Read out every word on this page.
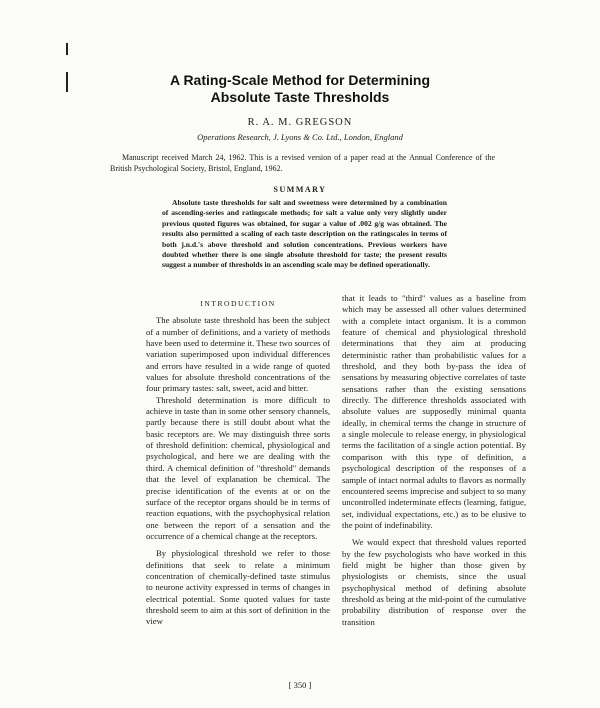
A Rating-Scale Method for Determining
Absolute Taste Thresholds
R. A. M. GREGSON
Operations Research, J. Lyons & Co. Ltd., London, England
Manuscript received March 24, 1962. This is a revised version of a paper read at the Annual Conference of the British Psychological Society, Bristol, England, 1962.
SUMMARY
Absolute taste thresholds for salt and sweetness were determined by a combination of ascending-series and ratingscale methods; for salt a value only very slightly under previous quoted figures was obtained, for sugar a value of .002 g/g was obtained. The results also permitted a scaling of each taste description on the ratingscales in terms of both j.n.d.'s above threshold and solution concentrations. Previous workers have doubted whether there is one single absolute threshold for taste; the present results suggest a number of thresholds in an ascending scale may be defined operationally.
INTRODUCTION

The absolute taste threshold has been the subject of a number of definitions, and a variety of methods have been used to determine it. These two sources of variation superimposed upon individual differences and errors have resulted in a wide range of quoted values for absolute threshold concentrations of the four primary tastes: salt, sweet, acid and bitter.

Threshold determination is more difficult to achieve in taste than in some other sensory channels, partly because there is still doubt about what the basic receptors are. We may distinguish three sorts of threshold definition: chemical, physiological and psychological, and here we are dealing with the third. A chemical definition of "threshold" demands that the level of explanation be chemical. The precise identification of the events at or on the surface of the receptor organs should be in terms of reaction equations, with the psychophysical relation one between the report of a sensation and the occurrence of a chemical change at the receptors.

By physiological threshold we refer to those definitions that seek to relate a minimum concentration of chemically-defined taste stimulus to neurone activity expressed in terms of changes in electrical potential. Some quoted values for taste threshold seem to aim at this sort of definition in the view

that it leads to "third" values as a baseline from which may be assessed all other values determined with a complete intact organism. It is a common feature of chemical and physiological threshold determinations that they aim at producing deterministic rather than probabilistic values for a threshold, and they both by-pass the idea of sensations by measuring objective correlates of taste sensations rather than the existing sensations directly. The difference thresholds associated with absolute values are supposedly minimal quanta ideally, in chemical terms the change in structure of a single molecule to release energy, in physiological terms the facilitation of a single action potential. By comparison with this type of definition, a psychological description of the responses of a sample of intact normal adults to flavors as normally encountered seems imprecise and subject to so many uncontrolled indeterminate effects (learning, fatigue, set, individual expectations, etc.) as to be elusive to the point of indefinability.

We would expect that threshold values reported by the few psychologists who have worked in this field might be higher than those given by physiologists or chemists, since the usual psychophysical method of defining absolute threshold as being at the mid-point of the cumulative probability distribution of response over the transition

[ 350 ]
